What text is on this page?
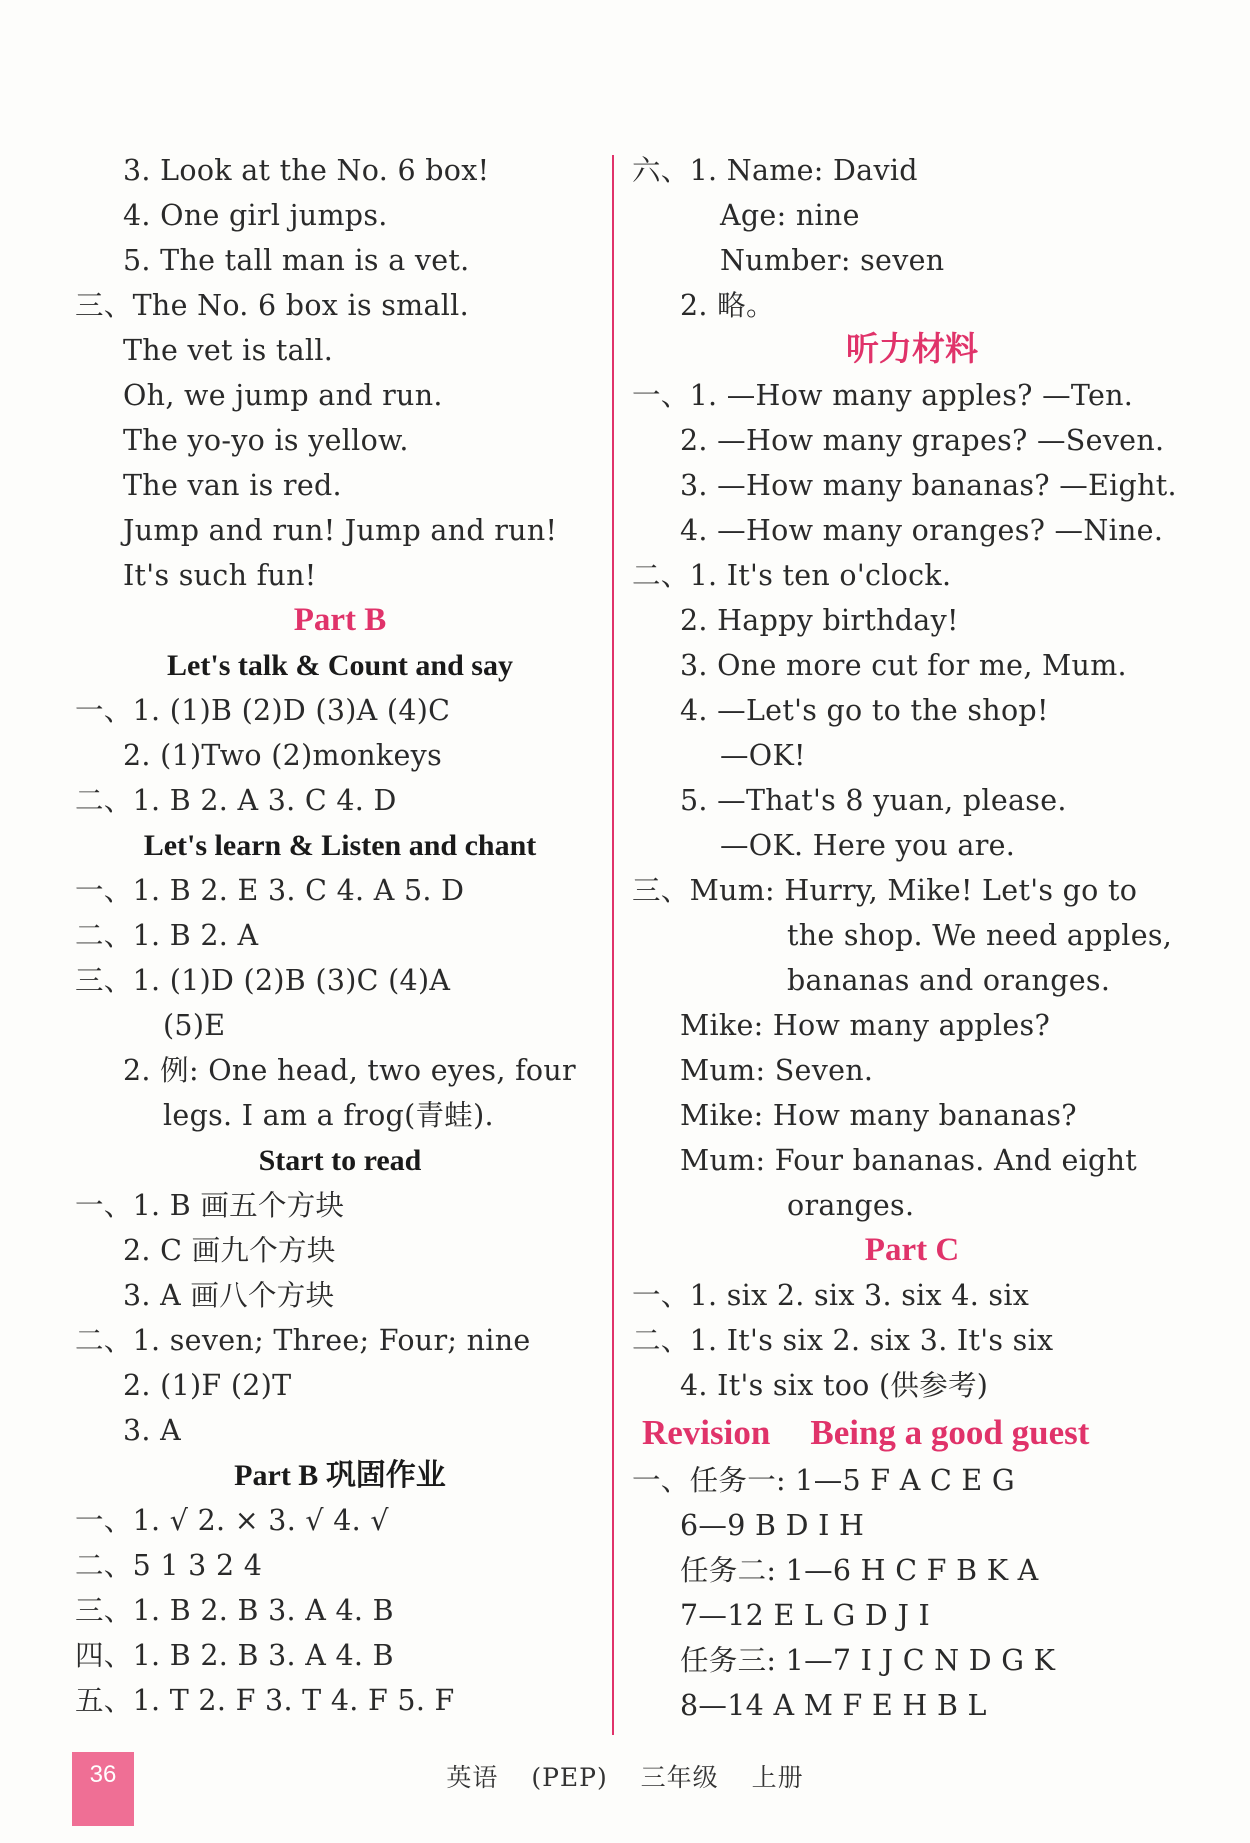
3. Look at the No. 6 box!
4. One girl jumps.
5. The tall man is a vet.
三、The No. 6 box is small.
The vet is tall.
Oh, we jump and run.
The yo-yo is yellow.
The van is red.
Jump and run! Jump and run!
It's such fun!
Part B
Let's talk & Count and say
一、1. (1)B (2)D (3)A (4)C
2. (1)Two (2)monkeys
二、1. B 2. A 3. C 4. D
Let's learn & Listen and chant
一、1. B 2. E 3. C 4. A 5. D
二、1. B 2. A
三、1. (1)D (2)B (3)C (4)A
(5)E
2. 例: One head, two eyes, four
legs. I am a frog(青蛙).
Start to read
一、1. B 画五个方块
2. C 画九个方块
3. A 画八个方块
二、1. seven; Three; Four; nine
2. (1)F (2)T
3. A
Part B 巩固作业
一、1. √ 2. × 3. √ 4. √
二、5 1 3 2 4
三、1. B 2. B 3. A 4. B
四、1. B 2. B 3. A 4. B
五、1. T 2. F 3. T 4. F 5. F
六、1. Name: David
Age: nine
Number: seven
2. 略。
听力材料
一、1. —How many apples? —Ten.
2. —How many grapes? —Seven.
3. —How many bananas? —Eight.
4. —How many oranges? —Nine.
二、1. It's ten o'clock.
2. Happy birthday!
3. One more cut for me, Mum.
4. —Let's go to the shop!
—OK!
5. —That's 8 yuan, please.
—OK. Here you are.
三、Mum: Hurry, Mike! Let's go to
the shop. We need apples,
bananas and oranges.
Mike: How many apples?
Mum: Seven.
Mike: How many bananas?
Mum: Four bananas. And eight
oranges.
Part C
一、1. six 2. six 3. six 4. six
二、1. It's six 2. six 3. It's six
4. It's six too (供参考)
Revision Being a good guest
一、任务一: 1—5 F A C E G
6—9 B D I H
任务二: 1—6 H C F B K A
7—12 E L G D J I
任务三: 1—7 I J C N D G K
8—14 A M F E H B L
36	英语 (PEP) 三年级 上册
